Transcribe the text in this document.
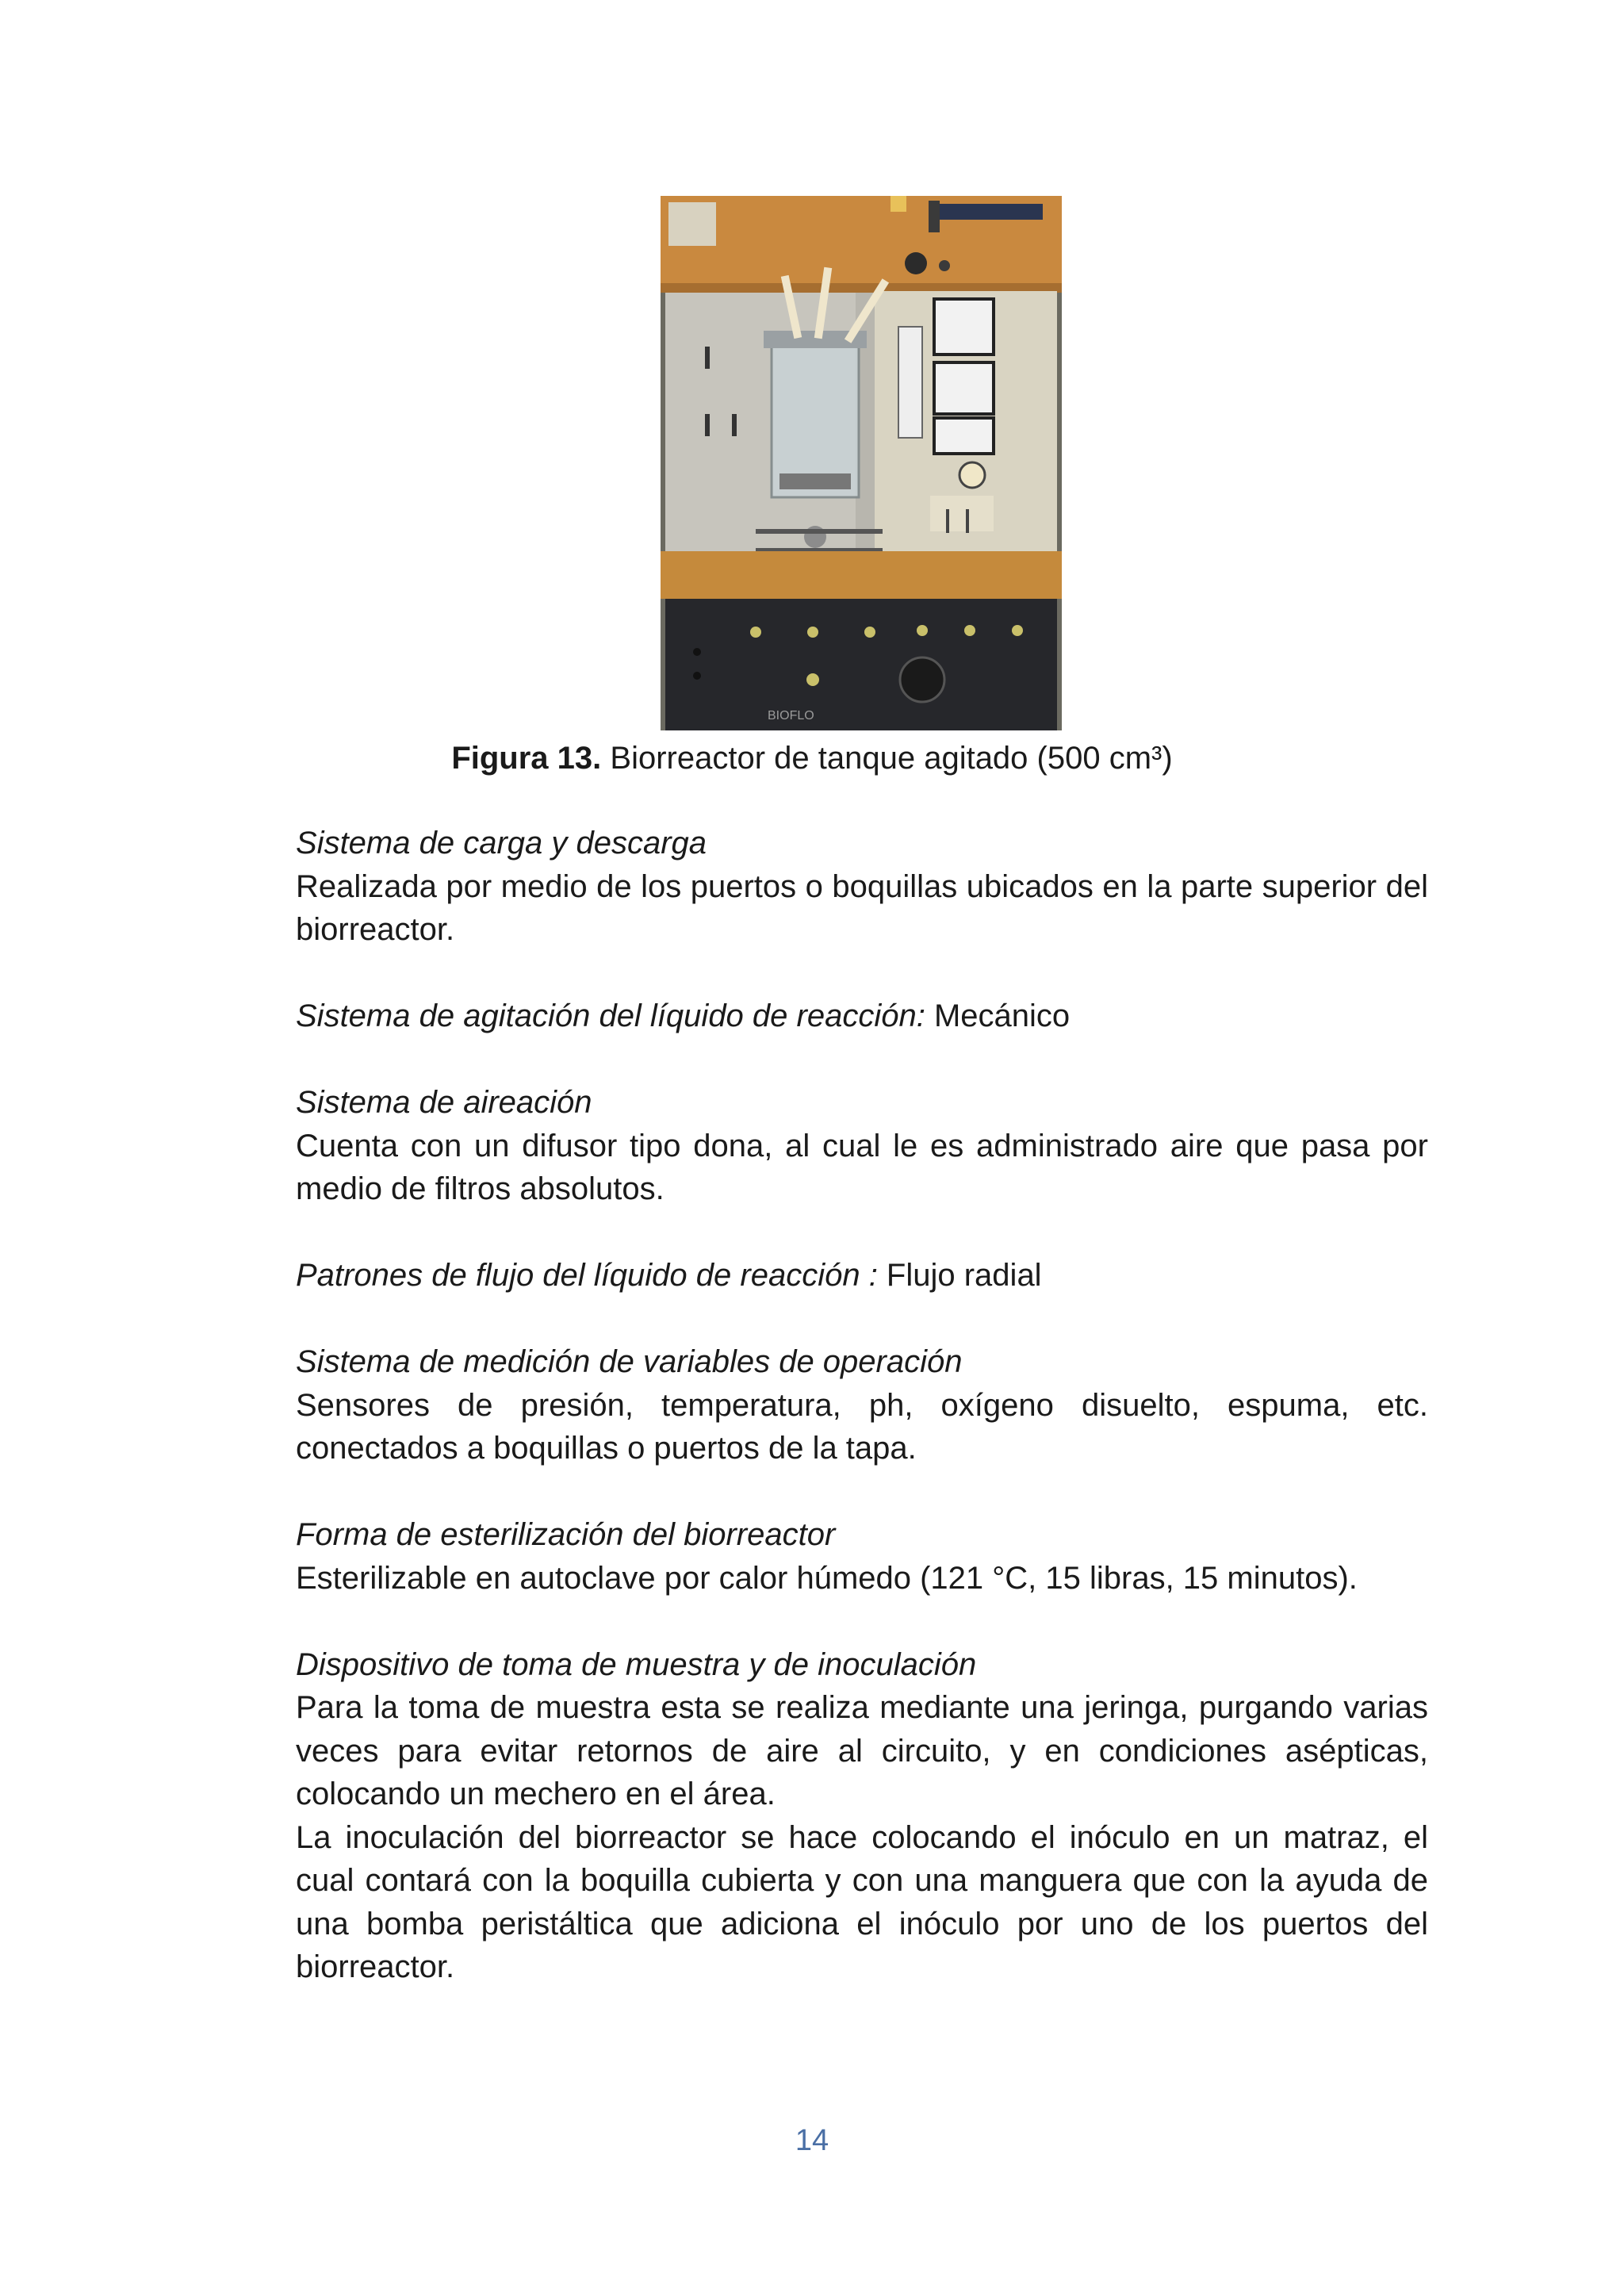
BIOFLO
Figura 13. Biorreactor de tanque agitado (500 cm³)

Sistema de carga y descarga

Realizada por medio de los puertos o boquillas ubicados en la parte superior del biorreactor.

Sistema de agitación del líquido de reacción: Mecánico

Sistema de aireación

Cuenta con un difusor tipo dona, al cual le es administrado aire que pasa por medio de filtros absolutos.

Patrones de flujo del líquido de reacción : Flujo radial

Sistema de medición de variables de operación

Sensores de presión, temperatura, ph, oxígeno disuelto, espuma, etc. conectados a boquillas o puertos de la tapa.

Forma de esterilización del biorreactor

Esterilizable en autoclave por calor húmedo (121 °C, 15 libras, 15 minutos).

Dispositivo de toma de muestra y de inoculación

Para la toma de muestra esta se realiza mediante una jeringa, purgando varias veces para evitar retornos de aire al circuito, y en condiciones asépticas, colocando un mechero en el área.

La inoculación del biorreactor se hace colocando el inóculo en un matraz, el cual contará con la boquilla cubierta y con una manguera que con la ayuda de una bomba peristáltica que adiciona el inóculo por uno de los puertos del biorreactor.

14
